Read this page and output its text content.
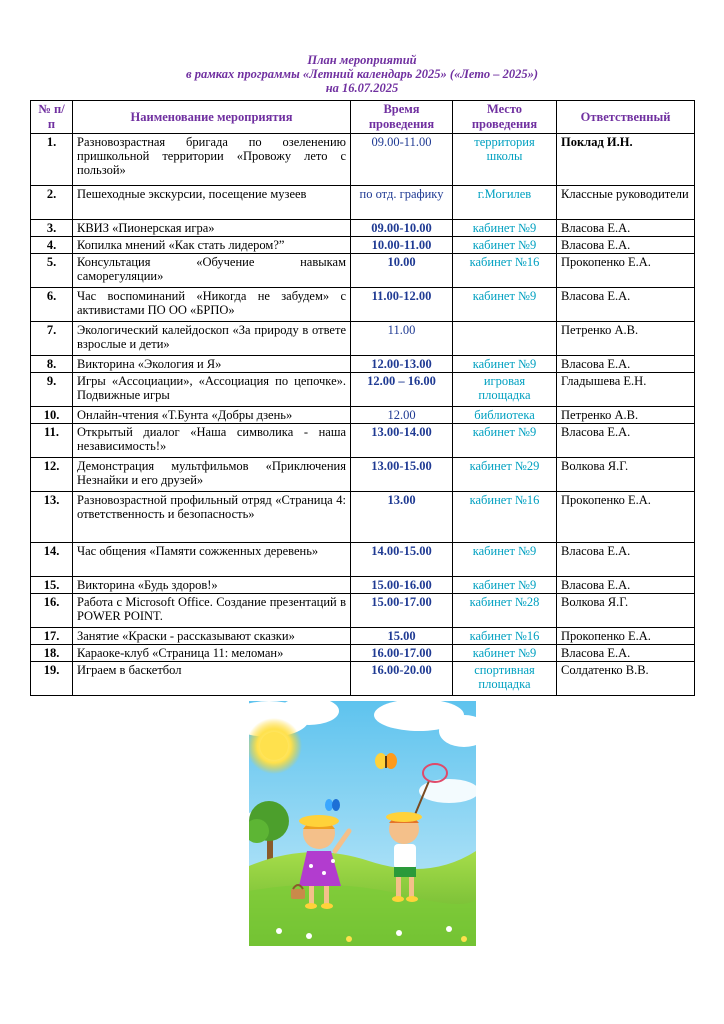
План мероприятий
в рамках программы «Летний календарь 2025» («Лето – 2025»)
на 16.07.2025
№ п/п	Наименование мероприятия	Время проведения	Место проведения	Ответственный
1.	Разновозрастная бригада по озеленению пришкольной территории «Провожу лето с пользой»	09.00-11.00	территория школы	Поклад И.Н.
2.	Пешеходные экскурсии, посещение музеев	по отд. графику	г.Могилев	Классные руководители
3.	КВИЗ «Пионерская игра»	09.00-10.00	кабинет №9	Власова Е.А.
4.	Копилка мнений «Как стать лидером?”	10.00-11.00	кабинет №9	Власова Е.А.
5.	Консультация «Обучение навыкам саморегуляции»	10.00	кабинет №16	Прокопенко Е.А.
6.	Час воспоминаний «Никогда не забудем» с активистами ПО ОО «БРПО»	11.00-12.00	кабинет №9	Власова Е.А.
7.	Экологический калейдоскоп «За природу в ответе взрослые и дети»	11.00		Петренко А.В.
8.	Викторина «Экология и Я»	12.00-13.00	кабинет №9	Власова Е.А.
9.	Игры «Ассоциации», «Ассоциация по цепочке». Подвижные игры	12.00 – 16.00	игровая площадка	Гладышева Е.Н.
10.	Онлайн-чтения «Т.Бунта «Добры дзень»	12.00	библиотека	Петренко А.В.
11.	Открытый диалог «Наша символика - наша независимость!»	13.00-14.00	кабинет №9	Власова Е.А.
12.	Демонстрация мультфильмов «Приключения Незнайки и его друзей»	13.00-15.00	кабинет №29	Волкова Я.Г.
13.	Разновозрастной профильный отряд «Страница 4: ответственность и безопасность»	13.00	кабинет №16	Прокопенко Е.А.
14.	Час общения «Памяти сожженных деревень»	14.00-15.00	кабинет №9	Власова Е.А.
15.	Викторина «Будь здоров!»	15.00-16.00	кабинет №9	Власова Е.А.
16.	Работа с Microsoft Office. Создание презентаций в POWER POINT.	15.00-17.00	кабинет №28	Волкова Я.Г.
17.	Занятие «Краски - рассказывают сказки»	15.00	кабинет №16	Прокопенко Е.А.
18.	Караоке-клуб «Страница 11: меломан»	16.00-17.00	кабинет №9	Власова Е.А.
19.	Играем в баскетбол	16.00-20.00	спортивная площадка	Солдатенко В.В.
